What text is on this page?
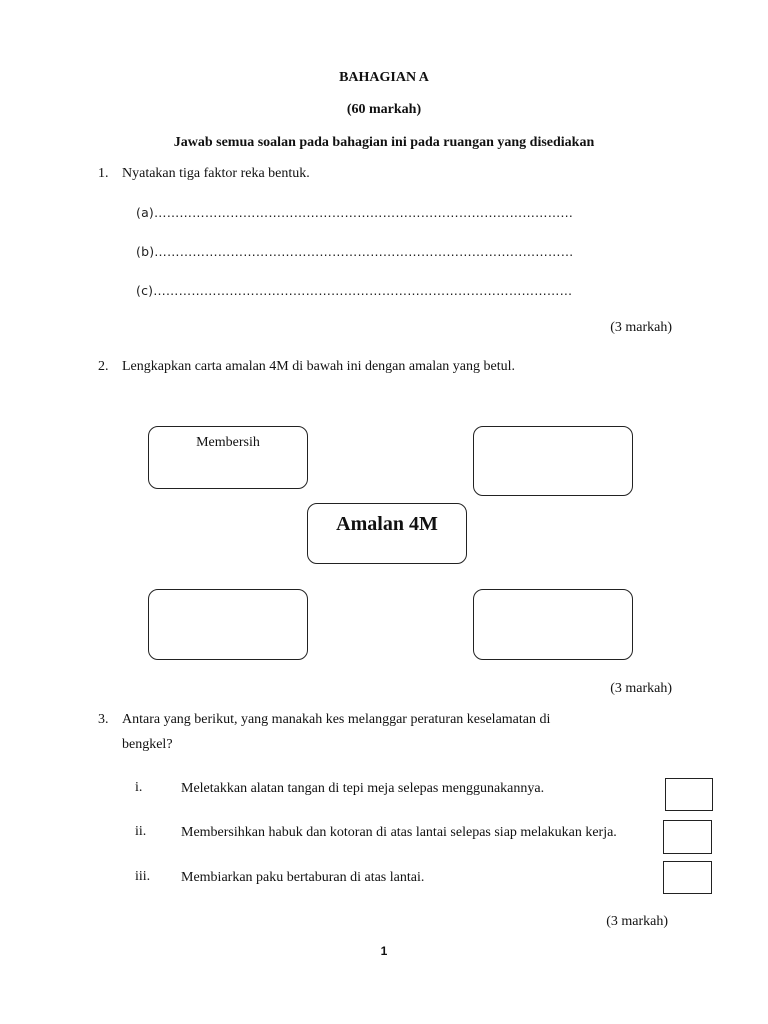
BAHAGIAN A
(60 markah)
Jawab semua soalan pada bahagian ini pada ruangan yang disediakan
1. Nyatakan tiga faktor reka bentuk.
(a)………………………………………………………………………………………
(b)………………………………………………………………………………………
(c)………………………………………………………………………………………
(3 markah)
2. Lengkapkan carta amalan 4M di bawah ini dengan amalan yang betul.
Membersih
Amalan 4M
(3 markah)
3. Antara yang berikut, yang manakah kes melanggar peraturan keselamatan di
bengkel?
i.	Meletakkan alatan tangan di tepi meja selepas menggunakannya.
ii. Membersihkan habuk dan kotoran di atas lantai selepas siap melakukan kerja.
iii. Membiarkan paku bertaburan di atas lantai.
(3 markah)
1
